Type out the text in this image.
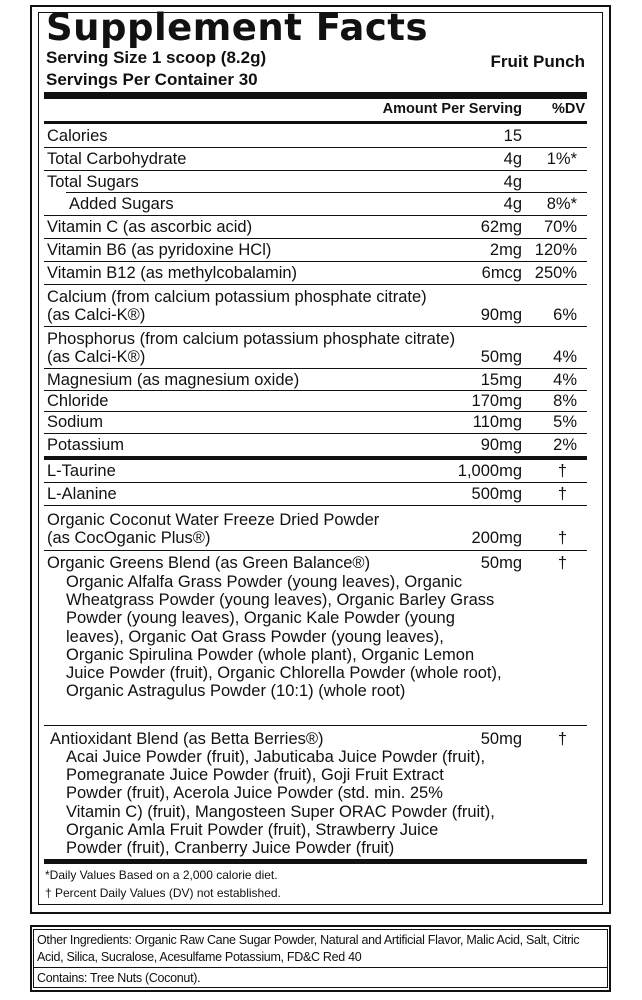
Supplement Facts
Serving Size 1 scoop (8.2g)
Servings Per Container 30
Fruit Punch
Amount Per Serving %DV
Calories	15
Total Carbohydrate	4g 1%*
Total Sugars	4g
Added Sugars	4g 8%*
Vitamin C (as ascorbic acid)	62mg 70%
Vitamin B6 (as pyridoxine HCl)	2mg 120%
Vitamin B12 (as methylcobalamin)	6mcg 250%
Calcium (from calcium potassium phosphate citrate)
(as Calci-K®)	90mg 6%
Phosphorus (from calcium potassium phosphate citrate)
(as Calci-K®)	50mg 4%
Magnesium (as magnesium oxide)	15mg 4%
Chloride	170mg 8%
Sodium	110mg 5%
Potassium	90mg 2%
L-Taurine	1,000mg †
L-Alanine	500mg †
Organic Coconut Water Freeze Dried Powder
(as CocOganic Plus®)	200mg †
Organic Greens Blend (as Green Balance®)	50mg †
Organic Alfalfa Grass Powder (young leaves), Organic Wheatgrass Powder (young leaves), Organic Barley Grass Powder (young leaves), Organic Kale Powder (young leaves), Organic Oat Grass Powder (young leaves), Organic Spirulina Powder (whole plant), Organic Lemon Juice Powder (fruit), Organic Chlorella Powder (whole root), Organic Astragulus Powder (10:1) (whole root)
Antioxidant Blend (as Betta Berries®)	50mg †
Acai Juice Powder (fruit), Jabuticaba Juice Powder (fruit), Pomegranate Juice Powder (fruit), Goji Fruit Extract Powder (fruit), Acerola Juice Powder (std. min. 25% Vitamin C) (fruit), Mangosteen Super ORAC Powder (fruit), Organic Amla Fruit Powder (fruit), Strawberry Juice Powder (fruit), Cranberry Juice Powder (fruit)
*Daily Values Based on a 2,000 calorie diet.
† Percent Daily Values (DV) not established.
Other Ingredients: Organic Raw Cane Sugar Powder, Natural and Artificial Flavor, Malic Acid, Salt, Citric Acid, Silica, Sucralose, Acesulfame Potassium, FD&C Red 40
Contains: Tree Nuts (Coconut).
